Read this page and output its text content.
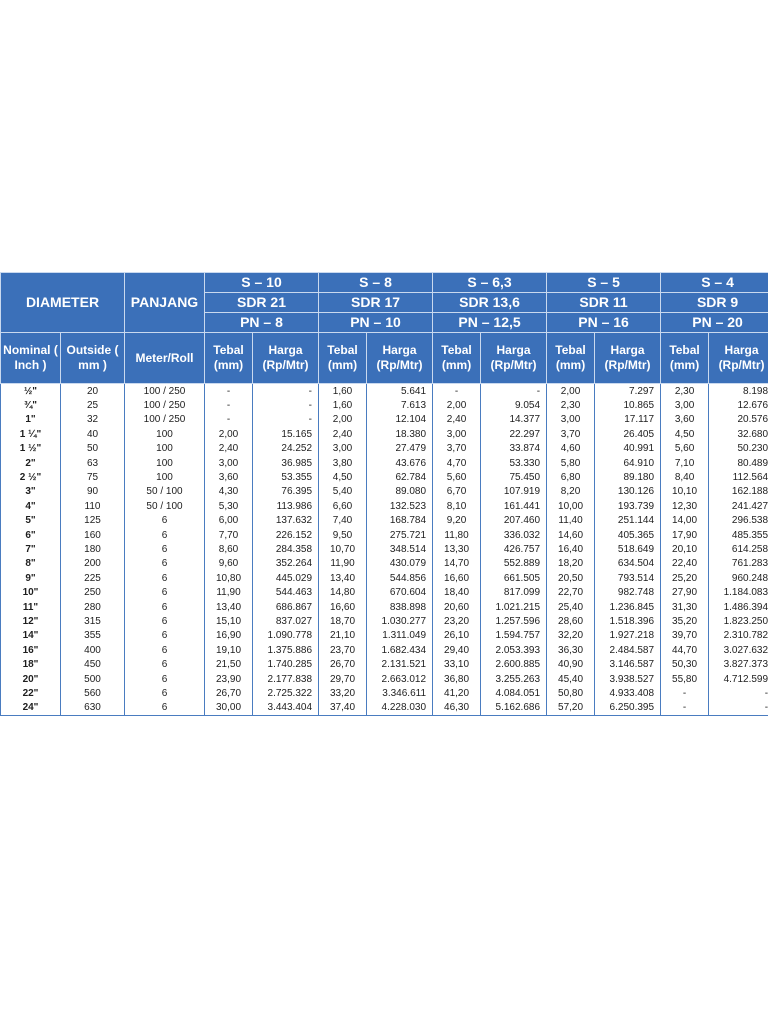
DIAMETER		PANJANG	S – 10		S – 8		S – 6,3		S – 5		S – 4	
			SDR 21		SDR 17		SDR 13,6		SDR 11		SDR 9	
			PN – 8		PN – 10		PN – 12,5		PN – 16		PN – 20	
Nominal ( Inch )	Outside ( mm )	Meter/Roll	Tebal (mm)	Harga (Rp/Mtr)	Tebal (mm)	Harga (Rp/Mtr)	Tebal (mm)	Harga (Rp/Mtr)	Tebal (mm)	Harga (Rp/Mtr)	Tebal (mm)	Harga (Rp/Mtr)
½"	20	100 / 250	-	-	1,60	5.641	-	-	2,00	7.297	2,30	8.198
¾"	25	100 / 250	-	-	1,60	7.613	2,00	9.054	2,30	10.865	3,00	12.676
1"	32	100 / 250	-	-	2,00	12.104	2,40	14.377	3,00	17.117	3,60	20.576
1 ¼"	40	100	2,00	15.165	2,40	18.380	3,00	22.297	3,70	26.405	4,50	32.680
1 ½"	50	100	2,40	24.252	3,00	27.479	3,70	33.874	4,60	40.991	5,60	50.230
2"	63	100	3,00	36.985	3,80	43.676	4,70	53.330	5,80	64.910	7,10	80.489
2 ½"	75	100	3,60	53.355	4,50	62.784	5,60	75.450	6,80	89.180	8,40	112.564
3"	90	50 / 100	4,30	76.395	5,40	89.080	6,70	107.919	8,20	130.126	10,10	162.188
4"	110	50 / 100	5,30	113.986	6,60	132.523	8,10	161.441	10,00	193.739	12,30	241.427
5"	125	6	6,00	137.632	7,40	168.784	9,20	207.460	11,40	251.144	14,00	296.538
6"	160	6	7,70	226.152	9,50	275.721	11,80	336.032	14,60	405.365	17,90	485.355
7"	180	6	8,60	284.358	10,70	348.514	13,30	426.757	16,40	518.649	20,10	614.258
8"	200	6	9,60	352.264	11,90	430.079	14,70	552.889	18,20	634.504	22,40	761.283
9"	225	6	10,80	445.029	13,40	544.856	16,60	661.505	20,50	793.514	25,20	960.248
10"	250	6	11,90	544.463	14,80	670.604	18,40	817.099	22,70	982.748	27,90	1.184.083
11"	280	6	13,40	686.867	16,60	838.898	20,60	1.021.215	25,40	1.236.845	31,30	1.486.394
12"	315	6	15,10	837.027	18,70	1.030.277	23,20	1.257.596	28,60	1.518.396	35,20	1.823.250
14"	355	6	16,90	1.090.778	21,10	1.311.049	26,10	1.594.757	32,20	1.927.218	39,70	2.310.782
16"	400	6	19,10	1.375.886	23,70	1.682.434	29,40	2.053.393	36,30	2.484.587	44,70	3.027.632
18"	450	6	21,50	1.740.285	26,70	2.131.521	33,10	2.600.885	40,90	3.146.587	50,30	3.827.373
20"	500	6	23,90	2.177.838	29,70	2.663.012	36,80	3.255.263	45,40	3.938.527	55,80	4.712.599
22"	560	6	26,70	2.725.322	33,20	3.346.611	41,20	4.084.051	50,80	4.933.408	-	-
24"	630	6	30,00	3.443.404	37,40	4.228.030	46,30	5.162.686	57,20	6.250.395	-	-
